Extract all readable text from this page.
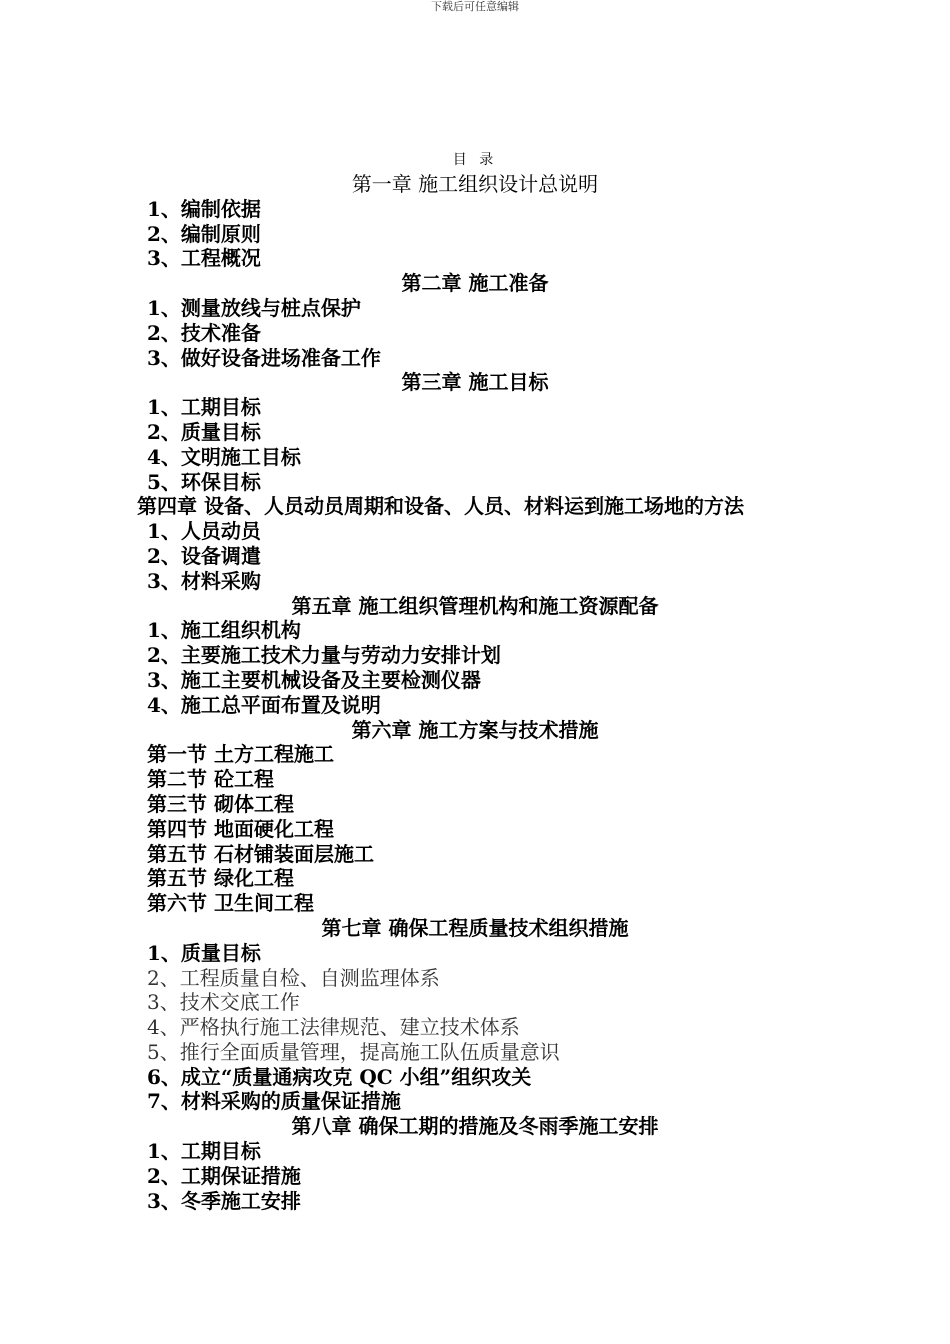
下载后可任意编辑
目 录
第一章 施工组织设计总说明
1、编制依据
2、编制原则
3、工程概况
第二章 施工准备
1、测量放线与桩点保护
2、技术准备
3、做好设备进场准备工作
第三章 施工目标
1、工期目标
2、质量目标
4、文明施工目标
5、环保目标
第四章 设备、人员动员周期和设备、人员、材料运到施工场地的方法
1、人员动员
2、设备调遣
3、材料采购
第五章 施工组织管理机构和施工资源配备
1、施工组织机构
2、主要施工技术力量与劳动力安排计划
3、施工主要机械设备及主要检测仪器
4、施工总平面布置及说明
第六章 施工方案与技术措施
第一节 土方工程施工
第二节 砼工程
第三节 砌体工程
第四节 地面硬化工程
第五节 石材铺装面层施工
第五节 绿化工程
第六节 卫生间工程
第七章 确保工程质量技术组织措施
1、质量目标
2、工程质量自检、自测监理体系
3、技术交底工作
4、严格执行施工法律规范、建立技术体系
5、推行全面质量管理，提高施工队伍质量意识
6、成立“质量通病攻克 QC 小组”组织攻关
7、材料采购的质量保证措施
第八章 确保工期的措施及冬雨季施工安排
1、工期目标
2、工期保证措施
3、冬季施工安排
